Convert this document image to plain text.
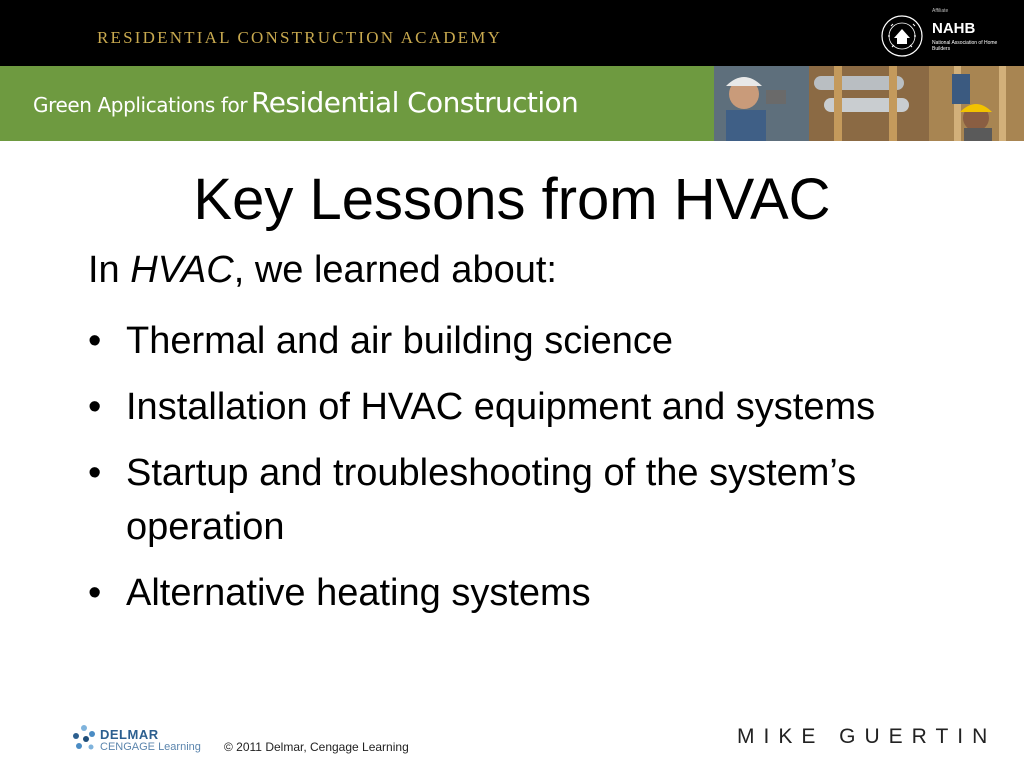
RESIDENTIAL CONSTRUCTION ACADEMY
Affiliate
NAHB
National Association of Home Builders
Green Applications for Residential Construction
Key Lessons from HVAC
In HVAC, we learned about:
• Thermal and air building science
• Installation of HVAC equipment and systems
• Startup and troubleshooting of the system’s operation
• Alternative heating systems
DELMAR
CENGAGE Learning © 2011 Delmar, Cengage Learning	MIKE GUERTIN
